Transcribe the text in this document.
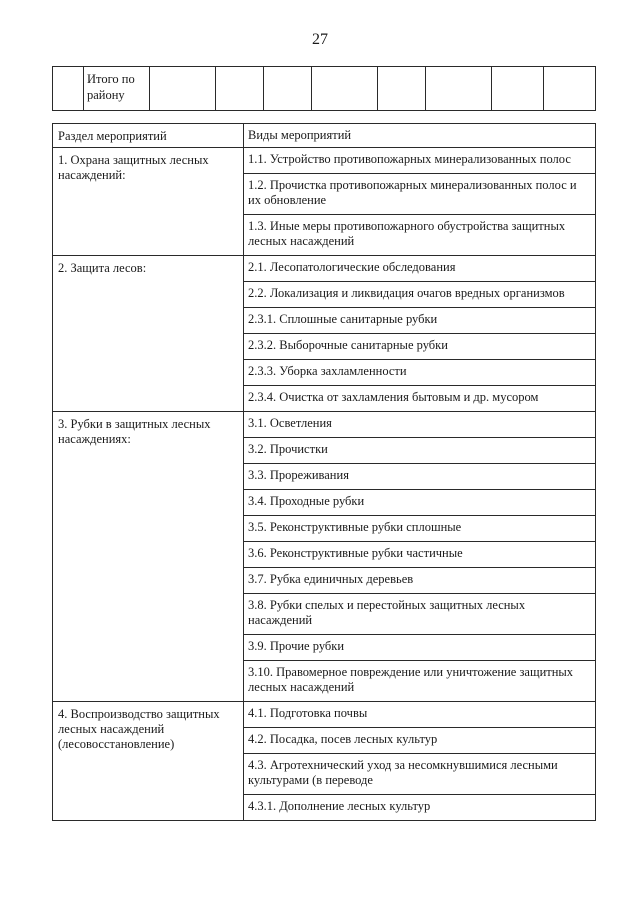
27
	Итого по району								
Раздел мероприятий	Виды мероприятий
1. Охрана защитных лесных насаждений:	1.1. Устройство противопожарных минерализованных полос
	1.2. Прочистка противопожарных минерализованных полос и их обновление
	1.3. Иные меры противопожарного обустройства защитных лесных насаждений
2. Защита лесов:	2.1. Лесопатологические обследования
	2.2. Локализация и ликвидация очагов вредных организмов
	2.3.1. Сплошные санитарные рубки
	2.3.2. Выборочные санитарные рубки
	2.3.3. Уборка захламленности
	2.3.4. Очистка от захламления бытовым и др. мусором
3. Рубки в защитных лесных насаждениях:	3.1. Осветления
	3.2. Прочистки
	3.3. Прореживания
	3.4. Проходные рубки
	3.5. Реконструктивные рубки сплошные
	3.6. Реконструктивные рубки частичные
	3.7. Рубка единичных деревьев
	3.8. Рубки спелых и перестойных защитных лесных насаждений
	3.9. Прочие рубки
	3.10. Правомерное повреждение или уничтожение защитных лесных насаждений
4. Воспроизводство защитных лесных насаждений (лесовосстановление)	4.1. Подготовка почвы
	4.2. Посадка, посев лесных культур
	4.3. Агротехнический уход за несомкнувшимися лесными культурами (в переводе
	4.3.1. Дополнение лесных культур
